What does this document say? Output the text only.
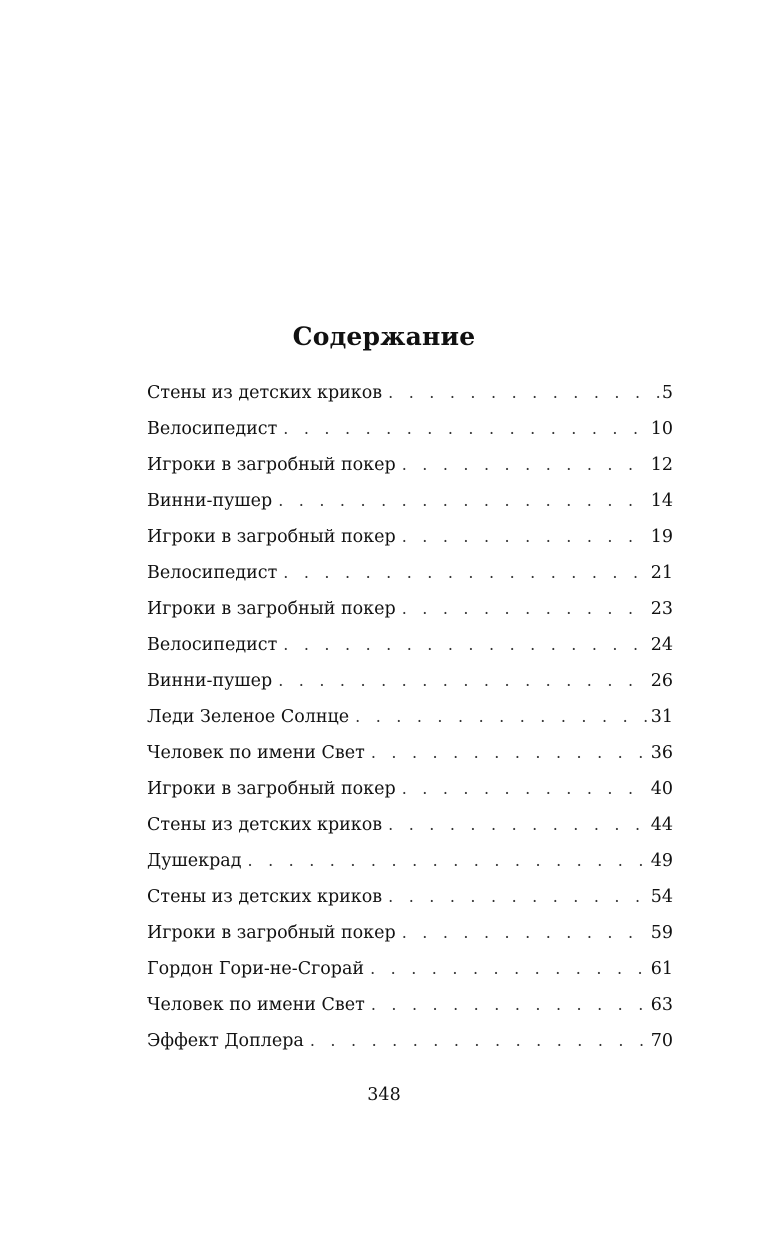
Содержание
Стены из детских криков . . .	5
Велосипедист . . .	10
Игроки в загробный покер . . .	12
Винни-пушер . . .	14
Игроки в загробный покер . . .	19
Велосипедист . . .	21
Игроки в загробный покер . . .	23
Велосипедист . . .	24
Винни-пушер . . .	26
Леди Зеленое Солнце . . .	31
Человек по имени Свет . . .	36
Игроки в загробный покер . . .	40
Стены из детских криков . . .	44
Душекрад . . .	49
Стены из детских криков . . .	54
Игроки в загробный покер . . .	59
Гордон Гори-не-Сгорай . . .	61
Человек по имени Свет . . .	63
Эффект Доплера . . .	70
348
